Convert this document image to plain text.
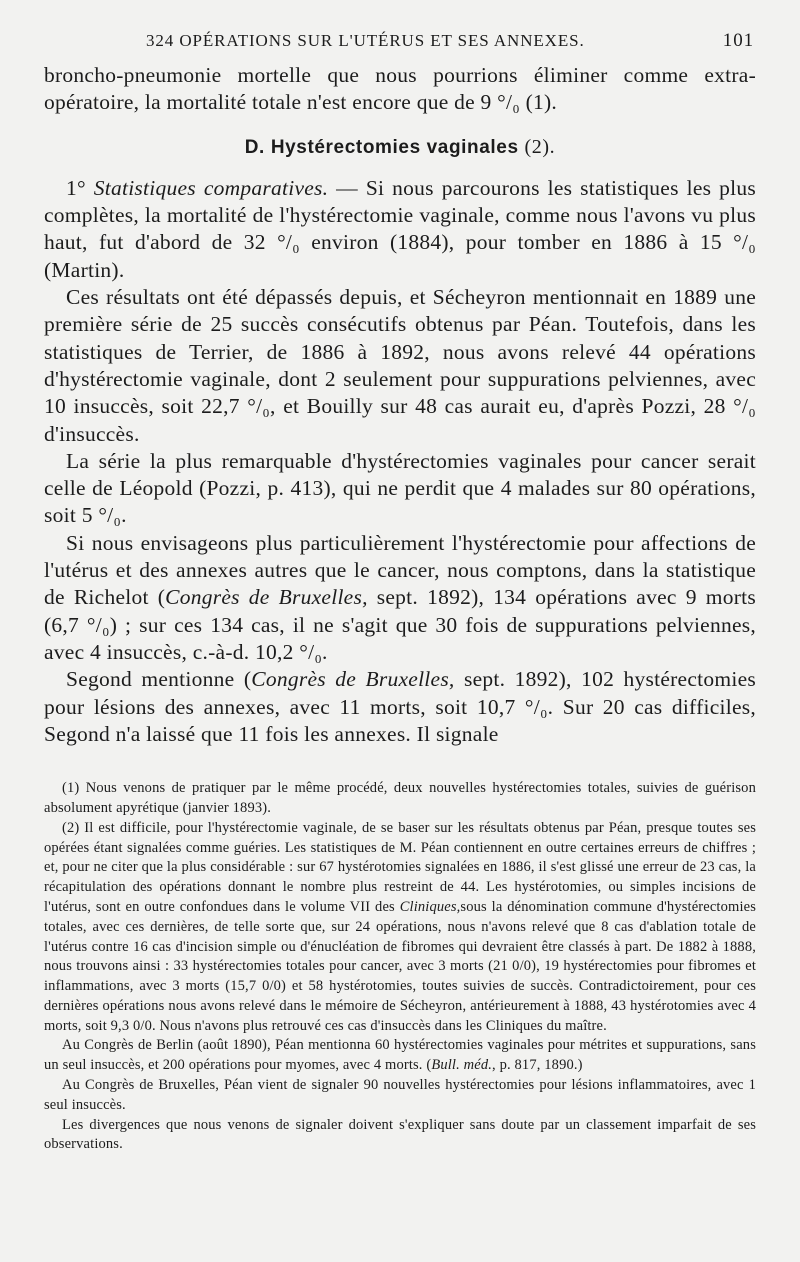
324 OPÉRATIONS SUR L'UTÉRUS ET SES ANNEXES.	101

broncho-pneumonie mortelle que nous pourrions éliminer comme extra-opératoire, la mortalité totale n'est encore que de 9 °/₀ (1).

D. Hystérectomies vaginales (2).

1° Statistiques comparatives. — Si nous parcourons les statistiques les plus complètes, la mortalité de l'hystérectomie vaginale, comme nous l'avons vu plus haut, fut d'abord de 32 °/₀ environ (1884), pour tomber en 1886 à 15 °/₀ (Martin).

Ces résultats ont été dépassés depuis, et Sécheyron mentionnait en 1889 une première série de 25 succès consécutifs obtenus par Péan. Toutefois, dans les statistiques de Terrier, de 1886 à 1892, nous avons relevé 44 opérations d'hystérectomie vaginale, dont 2 seulement pour suppurations pelviennes, avec 10 insuccès, soit 22,7 °/₀, et Bouilly sur 48 cas aurait eu, d'après Pozzi, 28 °/₀ d'insuccès.

La série la plus remarquable d'hystérectomies vaginales pour cancer serait celle de Léopold (Pozzi, p. 413), qui ne perdit que 4 malades sur 80 opérations, soit 5 °/₀.

Si nous envisageons plus particulièrement l'hystérectomie pour affections de l'utérus et des annexes autres que le cancer, nous comptons, dans la statistique de Richelot (Congrès de Bruxelles, sept. 1892), 134 opérations avec 9 morts (6,7 °/₀) ; sur ces 134 cas, il ne s'agit que 30 fois de suppurations pelviennes, avec 4 insuccès, c.-à-d. 10,2 °/₀.

Segond mentionne (Congrès de Bruxelles, sept. 1892), 102 hystérectomies pour lésions des annexes, avec 11 morts, soit 10,7 °/₀. Sur 20 cas difficiles, Segond n'a laissé que 11 fois les annexes. Il signale

(1) Nous venons de pratiquer par le même procédé, deux nouvelles hystérectomies totales, suivies de guérison absolument apyrétique (janvier 1893).

(2) Il est difficile, pour l'hystérectomie vaginale, de se baser sur les résultats obtenus par Péan, presque toutes ses opérées étant signalées comme guéries. Les statistiques de M. Péan contiennent en outre certaines erreurs de chiffres ; et, pour ne citer que la plus considérable : sur 67 hystérotomies signalées en 1886, il s'est glissé une erreur de 23 cas, la récapitulation des opérations donnant le nombre plus restreint de 44. Les hystérotomies, ou simples incisions de l'utérus, sont en outre confondues dans le volume VII des Cliniques,sous la dénomination commune d'hystérectomies totales, avec ces dernières, de telle sorte que, sur 24 opérations, nous n'avons relevé que 8 cas d'ablation totale de l'utérus contre 16 cas d'incision simple ou d'énucléation de fibromes qui devraient être classés à part. De 1882 à 1888, nous trouvons ainsi : 33 hystérectomies totales pour cancer, avec 3 morts (21 0/0), 19 hystérectomies pour fibromes et inflammations, avec 3 morts (15,7 0/0) et 58 hystérotomies, toutes suivies de succès. Contradictoirement, pour ces dernières opérations nous avons relevé dans le mémoire de Sécheyron, antérieurement à 1888, 43 hystérotomies avec 4 morts, soit 9,3 0/0. Nous n'avons plus retrouvé ces cas d'insuccès dans les Cliniques du maître.

Au Congrès de Berlin (août 1890), Péan mentionna 60 hystérectomies vaginales pour métrites et suppurations, sans un seul insuccès, et 200 opérations pour myomes, avec 4 morts. (Bull. méd., p. 817, 1890.)

Au Congrès de Bruxelles, Péan vient de signaler 90 nouvelles hystérectomies pour lésions inflammatoires, avec 1 seul insuccès.

Les divergences que nous venons de signaler doivent s'expliquer sans doute par un classement imparfait de ses observations.
